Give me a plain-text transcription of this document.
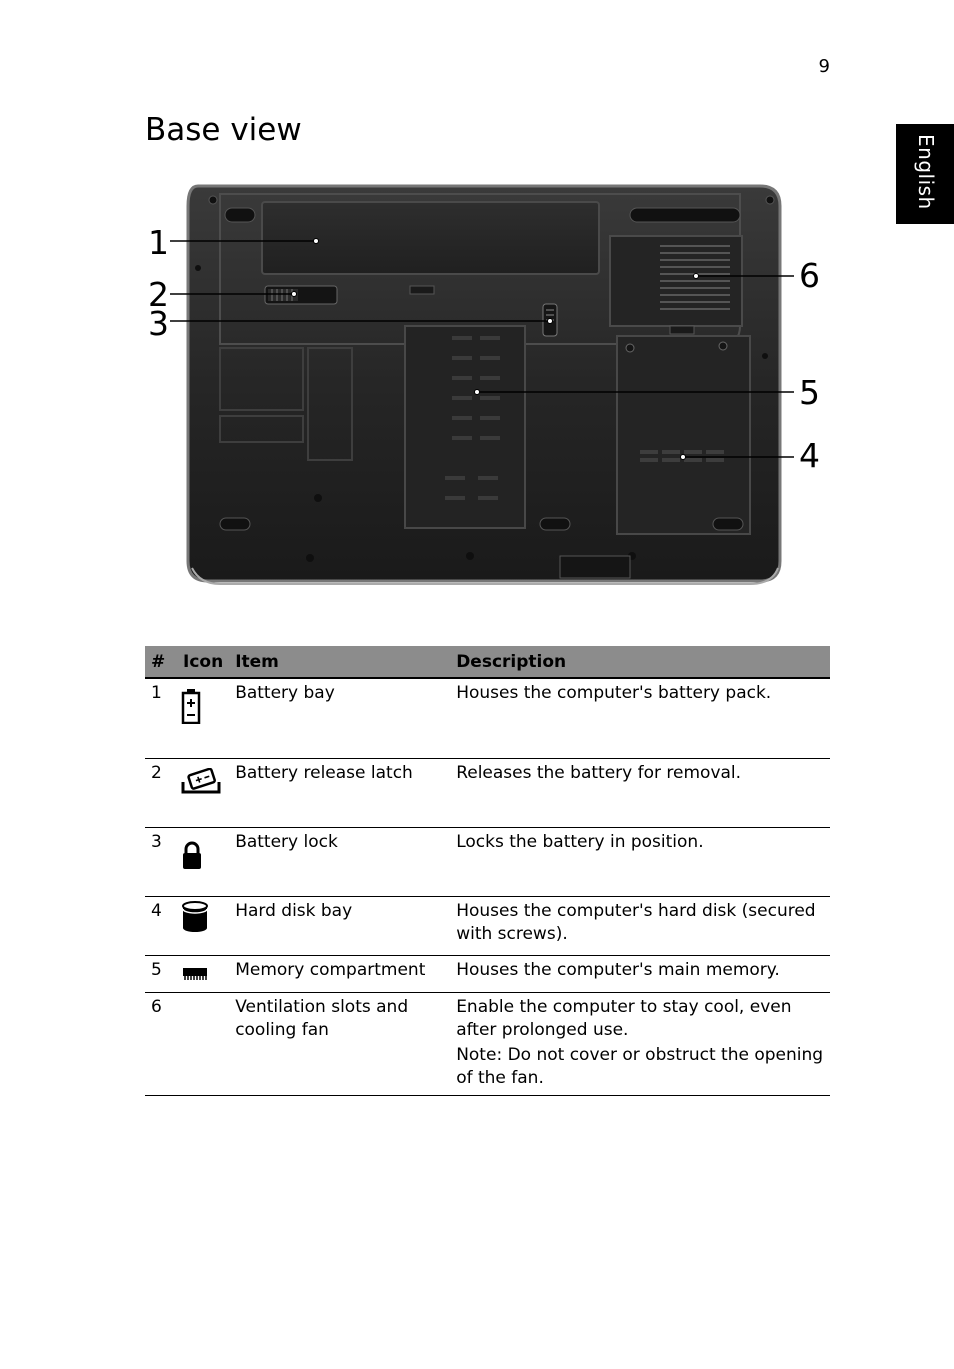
9
English
Base view
1
2
3
4
5
6
#	Icon	Item	Description
1		Battery bay	Houses the computer's battery pack.
2		Battery release latch	Releases the battery for removal.
3		Battery lock	Locks the battery in position.
4		Hard disk bay	Houses the computer's hard disk (secured with screws).
5		Memory compartment	Houses the computer's main memory.
6		Ventilation slots and cooling fan	Enable the computer to stay cool, even after prolonged use.
Note: Do not cover or obstruct the opening of the fan.
